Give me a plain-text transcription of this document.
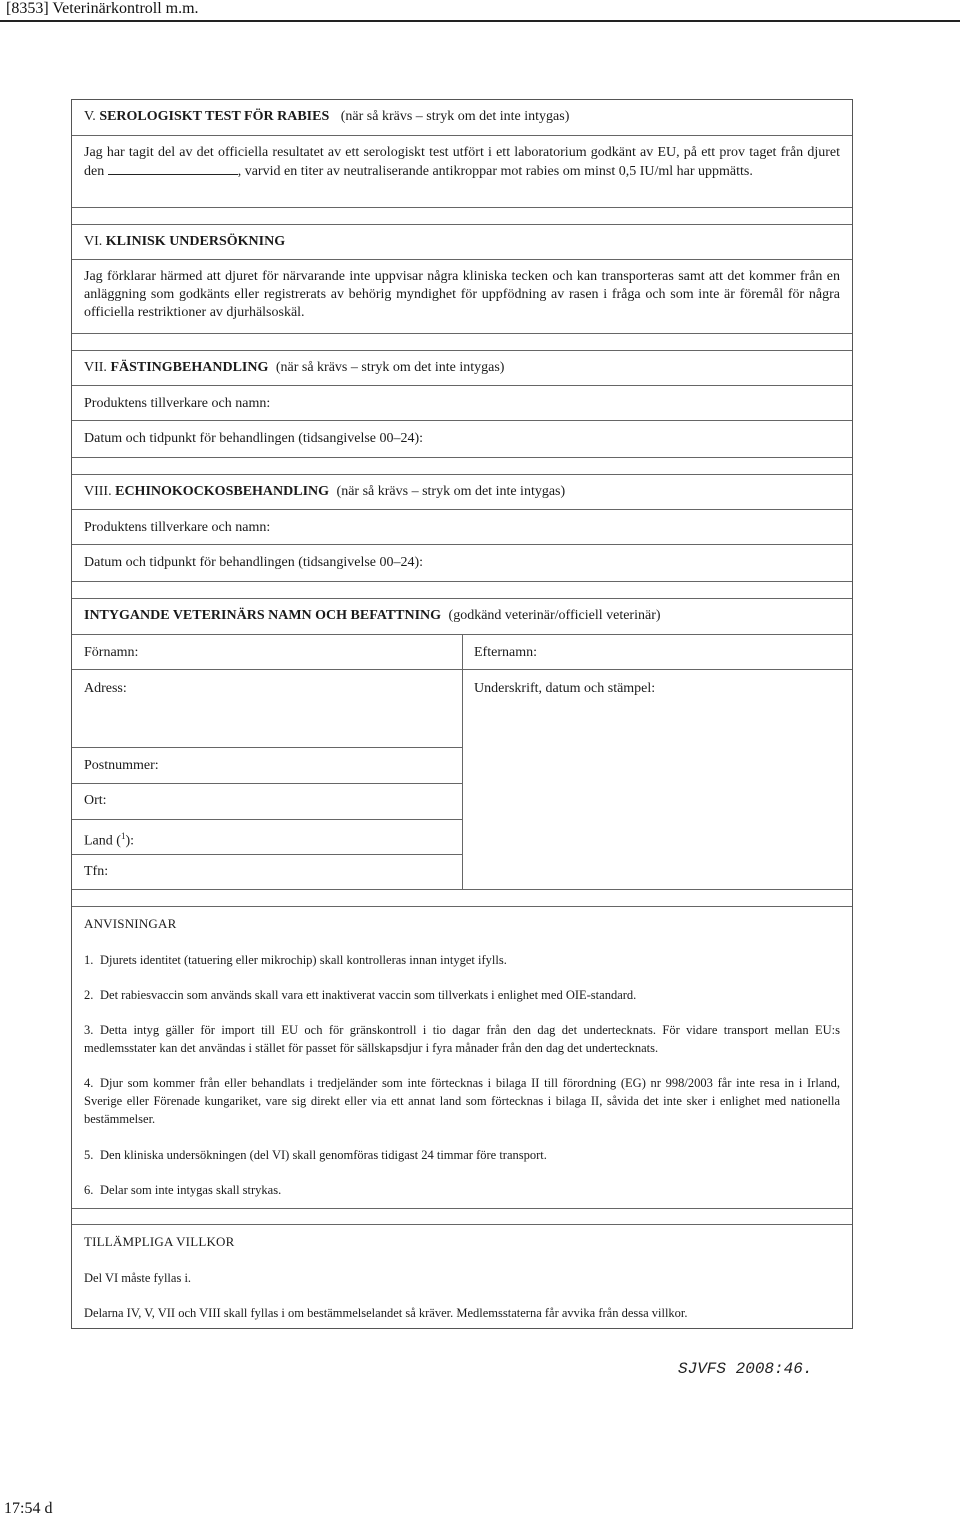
[8353] Veterinärkontroll m.m.
V. SEROLOGISKT TEST FÖR RABIES (när så krävs – stryk om det inte intygas)
Jag har tagit del av det officiella resultatet av ett serologiskt test utfört i ett laboratorium godkänt av EU, på ett prov taget från djuret den	, varvid en titer av neutraliserande antikroppar mot rabies om minst 0,5 IU/ml har uppmätts.
VI. KLINISK UNDERSÖKNING
Jag förklarar härmed att djuret för närvarande inte uppvisar några kliniska tecken och kan transporteras samt att det kommer från en anläggning som godkänts eller registrerats av behörig myndighet för uppfödning av rasen i fråga och som inte är föremål för några officiella restriktioner av djurhälsoskäl.
VII. FÄSTINGBEHANDLING (när så krävs – stryk om det inte intygas)
Produktens tillverkare och namn:
Datum och tidpunkt för behandlingen (tidsangivelse 00–24):
VIII. ECHINOKOCKOSBEHANDLING (när så krävs – stryk om det inte intygas)
Produktens tillverkare och namn:
Datum och tidpunkt för behandlingen (tidsangivelse 00–24):
INTYGANDE VETERINÄRS NAMN OCH BEFATTNING (godkänd veterinär/officiell veterinär)
Förnamn:	Efternamn:
Adress:	Underskrift, datum och stämpel:
Postnummer:
Ort:
Land ($^1$):
Tfn:
ANVISNINGAR
1. Djurets identitet (tatuering eller mikrochip) skall kontrolleras innan intyget ifylls.
2. Det rabiesvaccin som används skall vara ett inaktiverat vaccin som tillverkats i enlighet med OIE-standard.
3. Detta intyg gäller för import till EU och för gränskontroll i tio dagar från den dag det undertecknats. För vidare transport mellan EU:s medlemsstater kan det användas i stället för passet för sällskapsdjur i fyra månader från den dag det undertecknats.
4. Djur som kommer från eller behandlats i tredjeländer som inte förtecknas i bilaga II till förordning (EG) nr 998/2003 får inte resa in i Irland, Sverige eller Förenade kungariket, vare sig direkt eller via ett annat land som förtecknas i bilaga II, såvida det inte sker i enlighet med nationella bestämmelser.
5. Den kliniska undersökningen (del VI) skall genomföras tidigast 24 timmar före transport.
6. Delar som inte intygas skall strykas.
TILLÄMPLIGA VILLKOR
Del VI måste fyllas i.
Delarna IV, V, VII och VIII skall fyllas i om bestämmelselandet så kräver. Medlemsstaterna får avvika från dessa villkor.
SJVFS 2008:46.
17:54 d
